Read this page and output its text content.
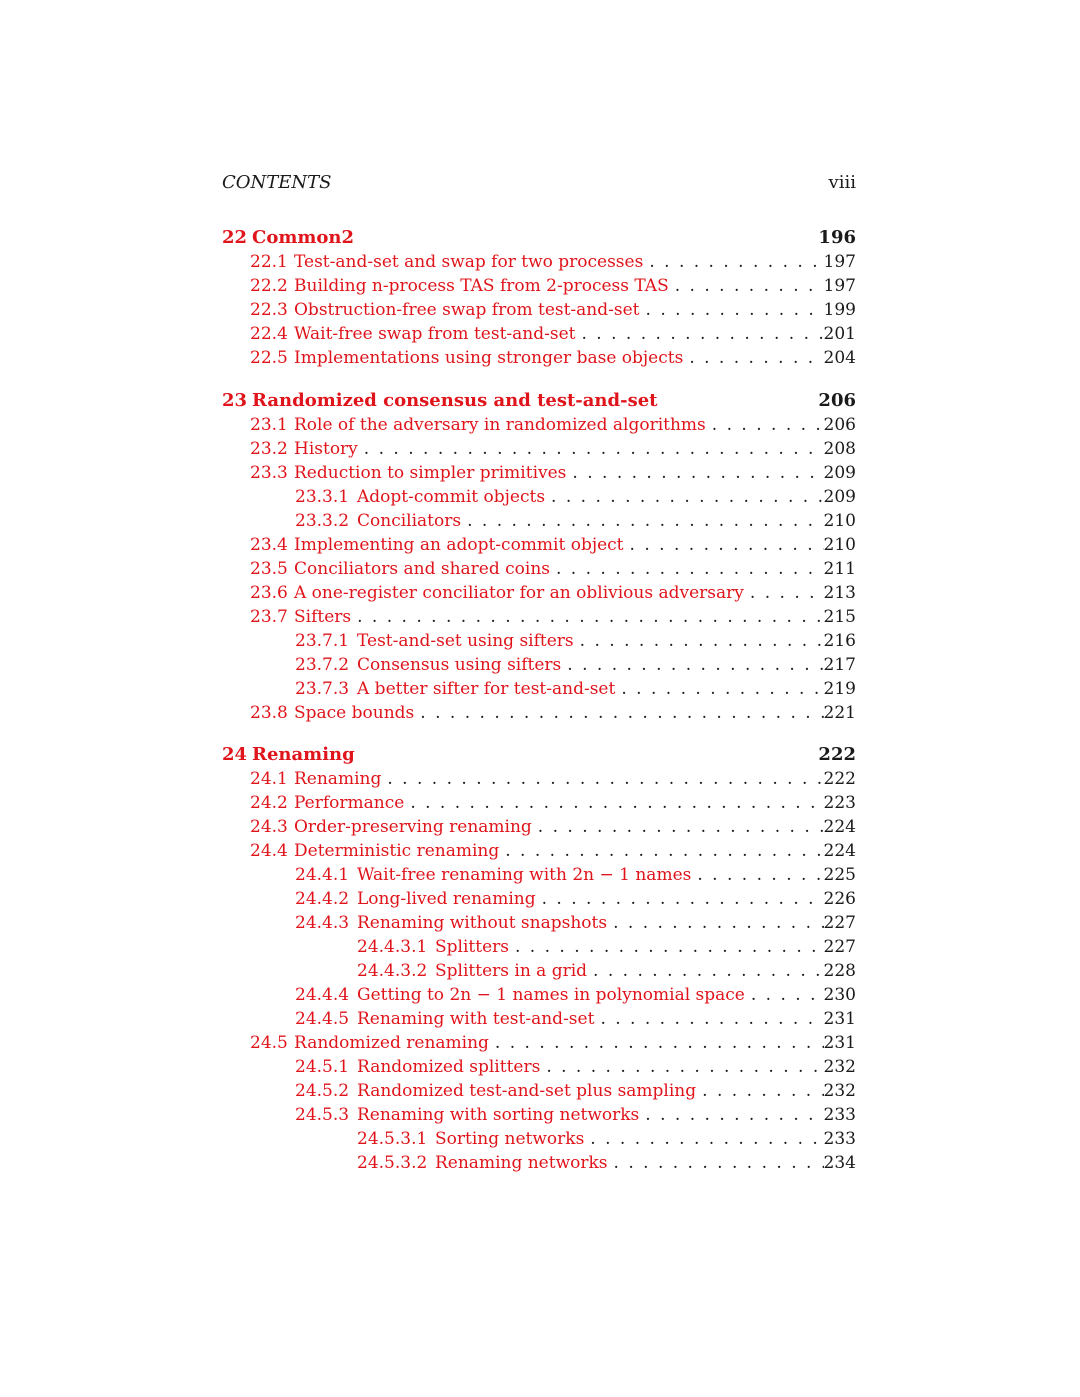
CONTENTS	viii
22 Common2	196
22.1 Test-and-set and swap for two processes . . .	197
22.2 Building n-process TAS from 2-process TAS . . .	197
22.3 Obstruction-free swap from test-and-set . . .	199
22.4 Wait-free swap from test-and-set . . .	201
22.5 Implementations using stronger base objects . . .	204
23 Randomized consensus and test-and-set	206
23.1 Role of the adversary in randomized algorithms . . .	206
23.2 History . . .	208
23.3 Reduction to simpler primitives . . .	209
23.3.1 Adopt-commit objects . . .	209
23.3.2 Conciliators . . .	210
23.4 Implementing an adopt-commit object . . .	210
23.5 Conciliators and shared coins . . .	211
23.6 A one-register conciliator for an oblivious adversary . . .	213
23.7 Sifters . . .	215
23.7.1 Test-and-set using sifters . . .	216
23.7.2 Consensus using sifters . . .	217
23.7.3 A better sifter for test-and-set . . .	219
23.8 Space bounds . . .	221
24 Renaming	222
24.1 Renaming . . .	222
24.2 Performance . . .	223
24.3 Order-preserving renaming . . .	224
24.4 Deterministic renaming . . .	224
24.4.1 Wait-free renaming with 2n − 1 names . . .	225
24.4.2 Long-lived renaming . . .	226
24.4.3 Renaming without snapshots . . .	227
24.4.3.1 Splitters . . .	227
24.4.3.2 Splitters in a grid . . .	228
24.4.4 Getting to 2n − 1 names in polynomial space . . .	230
24.4.5 Renaming with test-and-set . . .	231
24.5 Randomized renaming . . .	231
24.5.1 Randomized splitters . . .	232
24.5.2 Randomized test-and-set plus sampling . . .	232
24.5.3 Renaming with sorting networks . . .	233
24.5.3.1 Sorting networks . . .	233
24.5.3.2 Renaming networks . . .	234
